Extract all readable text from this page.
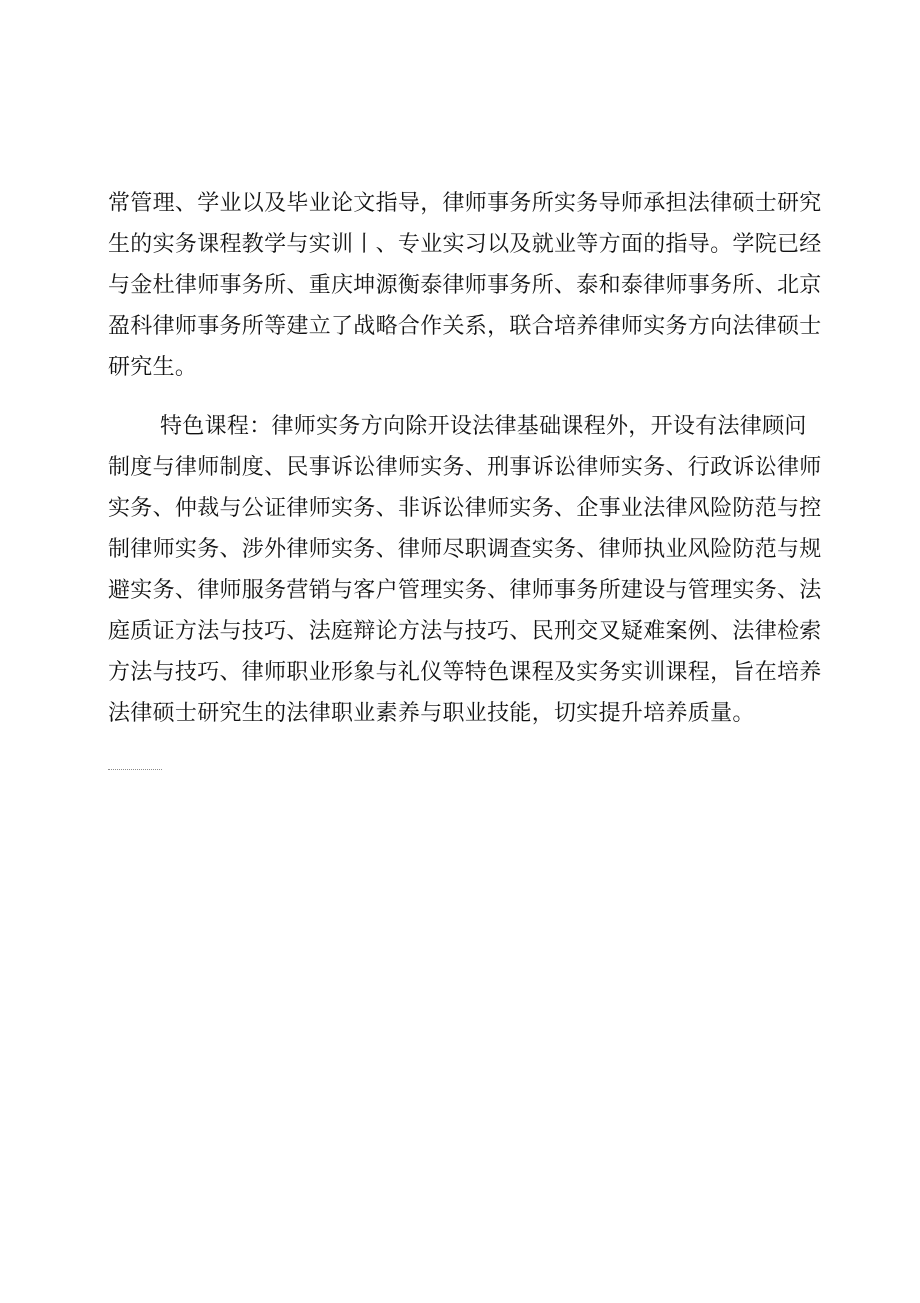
常管理、学业以及毕业论文指导，律师事务所实务导师承担法律硕士研究
生的实务课程教学与实训丨、专业实习以及就业等方面的指导。学院已经
与金杜律师事务所、重庆坤源衡泰律师事务所、泰和泰律师事务所、北京
盈科律师事务所等建立了战略合作关系，联合培养律师实务方向法律硕士
研究生。

特色课程：律师实务方向除开设法律基础课程外，开设有法律顾问
制度与律师制度、民事诉讼律师实务、刑事诉讼律师实务、行政诉讼律师
实务、仲裁与公证律师实务、非诉讼律师实务、企事业法律风险防范与控
制律师实务、涉外律师实务、律师尽职调查实务、律师执业风险防范与规
避实务、律师服务营销与客户管理实务、律师事务所建设与管理实务、法
庭质证方法与技巧、法庭辩论方法与技巧、民刑交叉疑难案例、法律检索
方法与技巧、律师职业形象与礼仪等特色课程及实务实训课程，旨在培养
法律硕士研究生的法律职业素养与职业技能，切实提升培养质量。
